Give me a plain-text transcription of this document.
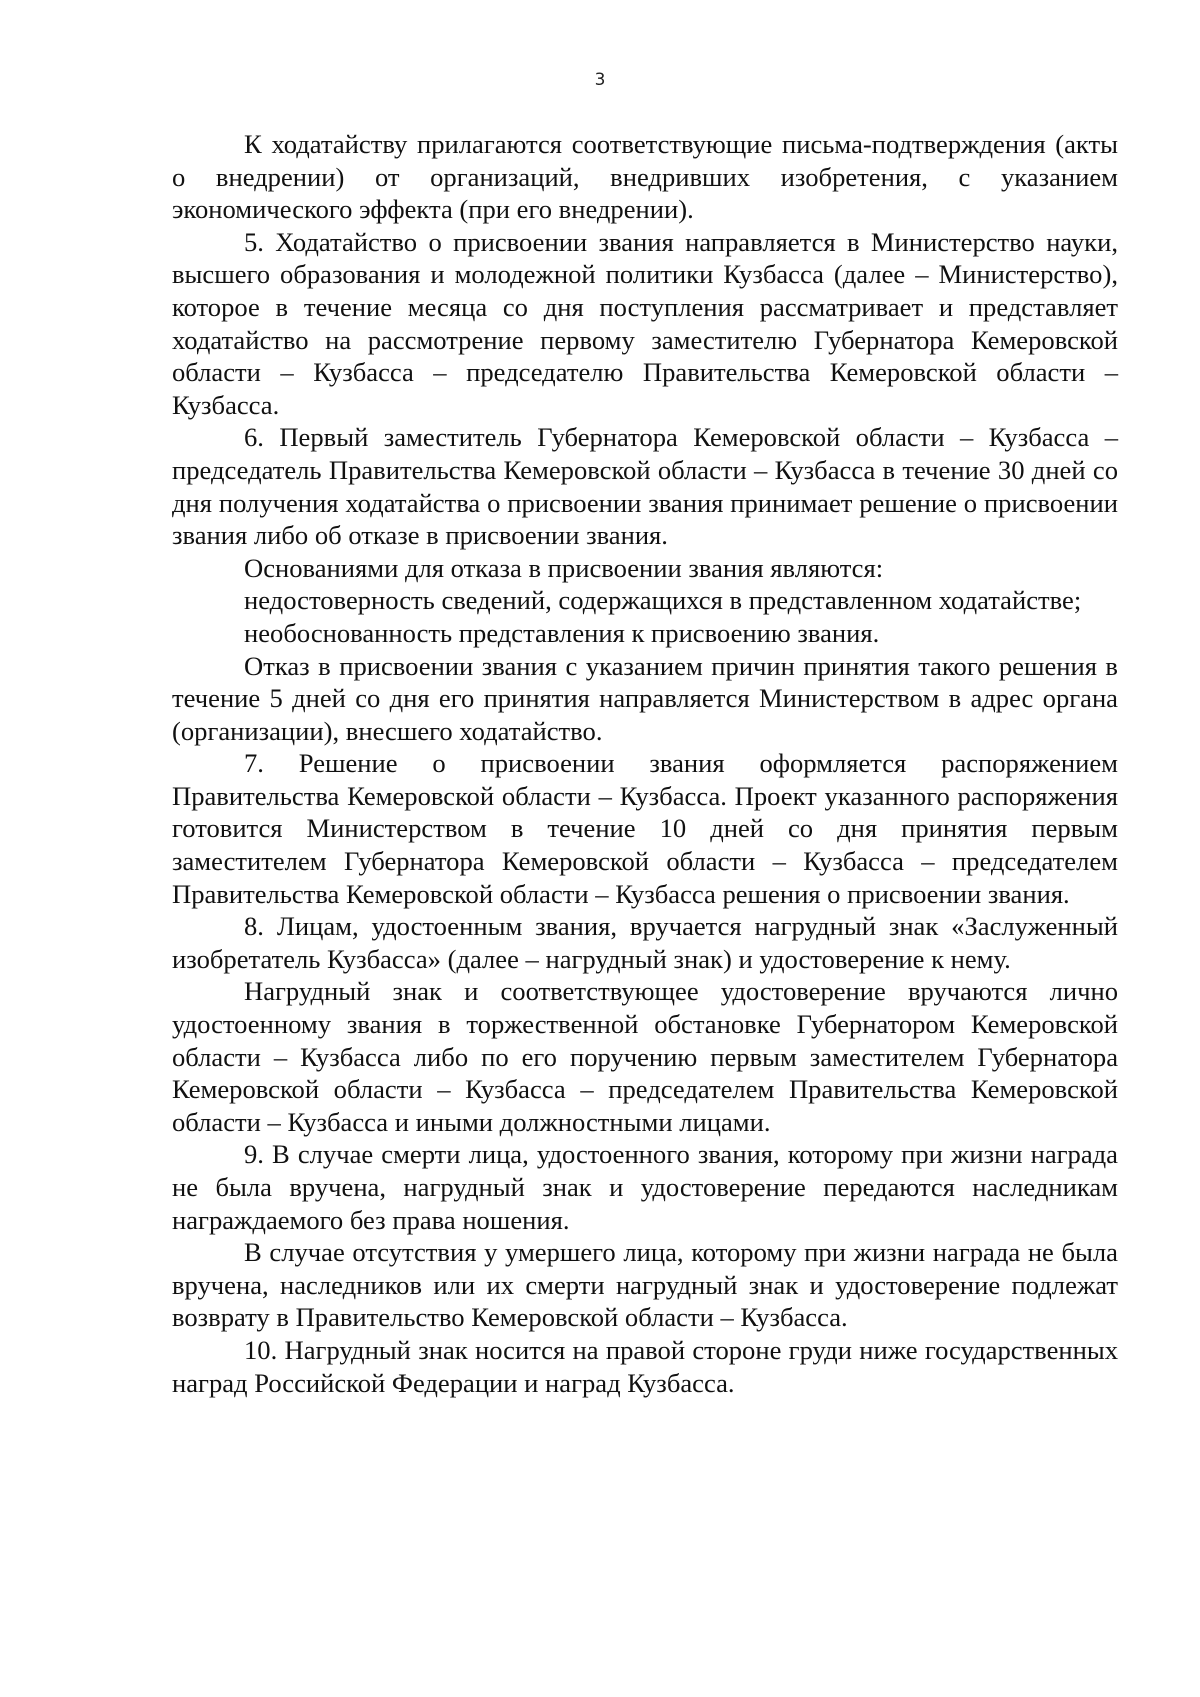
3

К ходатайству прилагаются соответствующие письма-подтверждения (акты о внедрении) от организаций, внедривших изобретения, с указанием экономического эффекта (при его внедрении).

5. Ходатайство о присвоении звания направляется в Министерство науки, высшего образования и молодежной политики Кузбасса (далее – Министерство), которое в течение месяца со дня поступления рассматривает и представляет ходатайство на рассмотрение первому заместителю Губернатора Кемеровской области – Кузбасса – председателю Правительства Кемеровской области – Кузбасса.

6. Первый заместитель Губернатора Кемеровской области – Кузбасса – председатель Правительства Кемеровской области – Кузбасса в течение 30 дней со дня получения ходатайства о присвоении звания принимает решение о присвоении звания либо об отказе в присвоении звания.

Основаниями для отказа в присвоении звания являются:

недостоверность сведений, содержащихся в представленном ходатайстве;

необоснованность представления к присвоению звания.

Отказ в присвоении звания с указанием причин принятия такого решения в течение 5 дней со дня его принятия направляется Министерством в адрес органа (организации), внесшего ходатайство.

7. Решение о присвоении звания оформляется распоряжением Правительства Кемеровской области – Кузбасса. Проект указанного распоряжения готовится Министерством в течение 10 дней со дня принятия первым заместителем Губернатора Кемеровской области – Кузбасса – председателем Правительства Кемеровской области – Кузбасса решения о присвоении звания.

8. Лицам, удостоенным звания, вручается нагрудный знак «Заслуженный изобретатель Кузбасса» (далее – нагрудный знак) и удостоверение к нему.

Нагрудный знак и соответствующее удостоверение вручаются лично удостоенному звания в торжественной обстановке Губернатором Кемеровской области – Кузбасса либо по его поручению первым заместителем Губернатора Кемеровской области – Кузбасса – председателем Правительства Кемеровской области – Кузбасса и иными должностными лицами.

9. В случае смерти лица, удостоенного звания, которому при жизни награда не была вручена, нагрудный знак и удостоверение передаются наследникам награждаемого без права ношения.

В случае отсутствия у умершего лица, которому при жизни награда не была вручена, наследников или их смерти нагрудный знак и удостоверение подлежат возврату в Правительство Кемеровской области – Кузбасса.

10. Нагрудный знак носится на правой стороне груди ниже государственных наград Российской Федерации и наград Кузбасса.
